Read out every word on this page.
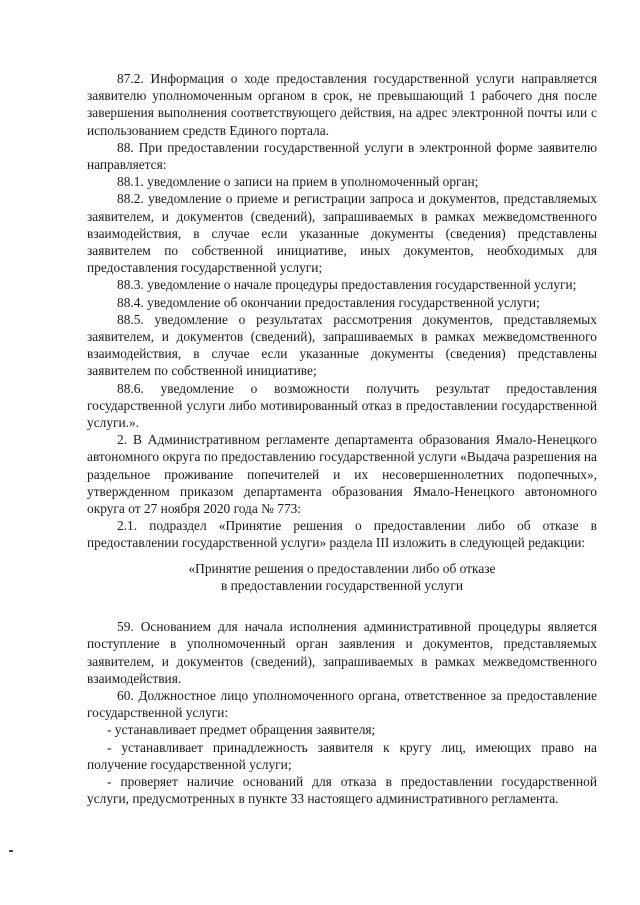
87.2. Информация о ходе предоставления государственной услуги направляется заявителю уполномоченным органом в срок, не превышающий 1 рабочего дня после завершения выполнения соответствующего действия, на адрес электронной почты или с использованием средств Единого портала.

88. При предоставлении государственной услуги в электронной форме заявителю направляется:

88.1. уведомление о записи на прием в уполномоченный орган;

88.2. уведомление о приеме и регистрации запроса и документов, представляемых заявителем, и документов (сведений), запрашиваемых в рамках межведомственного взаимодействия, в случае если указанные документы (сведения) представлены заявителем по собственной инициативе, иных документов, необходимых для предоставления государственной услуги;

88.3. уведомление о начале процедуры предоставления государственной услуги;

88.4. уведомление об окончании предоставления государственной услуги;

88.5. уведомление о результатах рассмотрения документов, представляемых заявителем, и документов (сведений), запрашиваемых в рамках межведомственного взаимодействия, в случае если указанные документы (сведения) представлены заявителем по собственной инициативе;

88.6. уведомление о возможности получить результат предоставления государственной услуги либо мотивированный отказ в предоставлении государственной услуги.».

2. В Административном регламенте департамента образования Ямало-Ненецкого автономного округа по предоставлению государственной услуги «Выдача разрешения на раздельное проживание попечителей и их несовершеннолетних подопечных», утвержденном приказом департамента образования Ямало-Ненецкого автономного округа от 27 ноября 2020 года № 773:

2.1. подраздел «Принятие решения о предоставлении либо об отказе в предоставлении государственной услуги» раздела III изложить в следующей редакции:

«Принятие решения о предоставлении либо об отказе
в предоставлении государственной услуги

59. Основанием для начала исполнения административной процедуры является поступление в уполномоченный орган заявления и документов, представляемых заявителем, и документов (сведений), запрашиваемых в рамках межведомственного взаимодействия.

60. Должностное лицо уполномоченного органа, ответственное за предоставление государственной услуги:

- устанавливает предмет обращения заявителя;

- устанавливает принадлежность заявителя к кругу лиц, имеющих право на получение государственной услуги;

- проверяет наличие оснований для отказа в предоставлении государственной услуги, предусмотренных в пункте 33 настоящего административного регламента.
